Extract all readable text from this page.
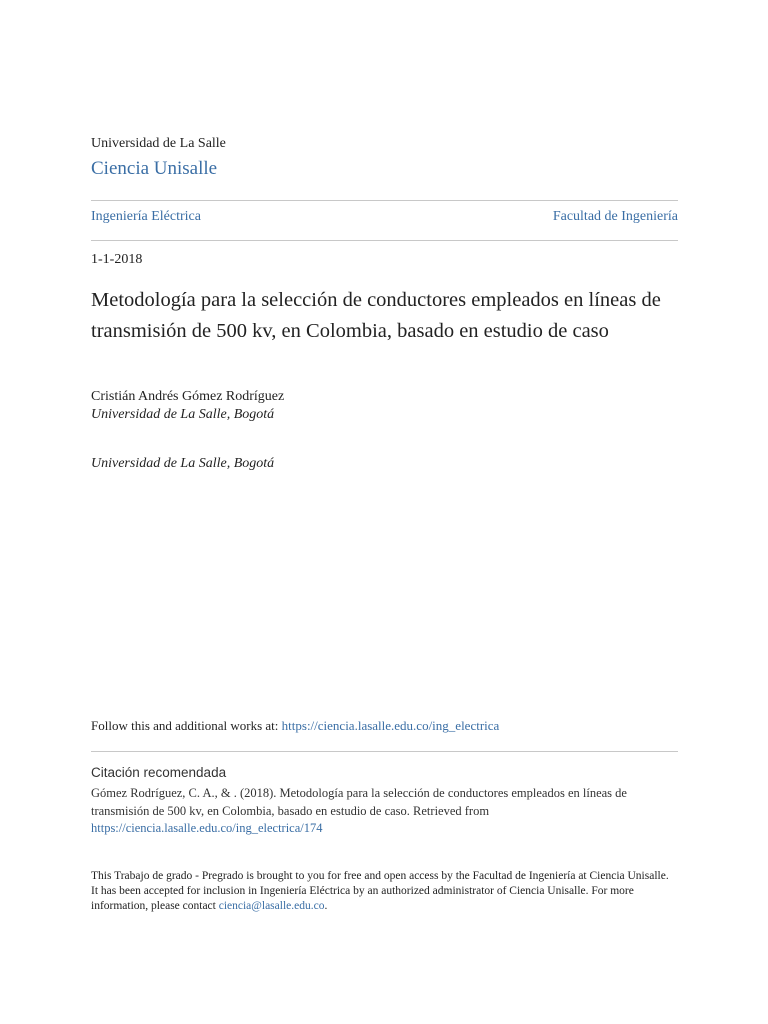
Universidad de La Salle
Ciencia Unisalle
Ingeniería Eléctrica	Facultad de Ingeniería
1-1-2018
Metodología para la selección de conductores empleados en líneas de transmisión de 500 kv, en Colombia, basado en estudio de caso
Cristián Andrés Gómez Rodríguez
Universidad de La Salle, Bogotá
Universidad de La Salle, Bogotá
Follow this and additional works at: https://ciencia.lasalle.edu.co/ing_electrica
Citación recomendada
Gómez Rodríguez, C. A., & . (2018). Metodología para la selección de conductores empleados en líneas de transmisión de 500 kv, en Colombia, basado en estudio de caso. Retrieved from https://ciencia.lasalle.edu.co/ing_electrica/174
This Trabajo de grado - Pregrado is brought to you for free and open access by the Facultad de Ingeniería at Ciencia Unisalle. It has been accepted for inclusion in Ingeniería Eléctrica by an authorized administrator of Ciencia Unisalle. For more information, please contact ciencia@lasalle.edu.co.
